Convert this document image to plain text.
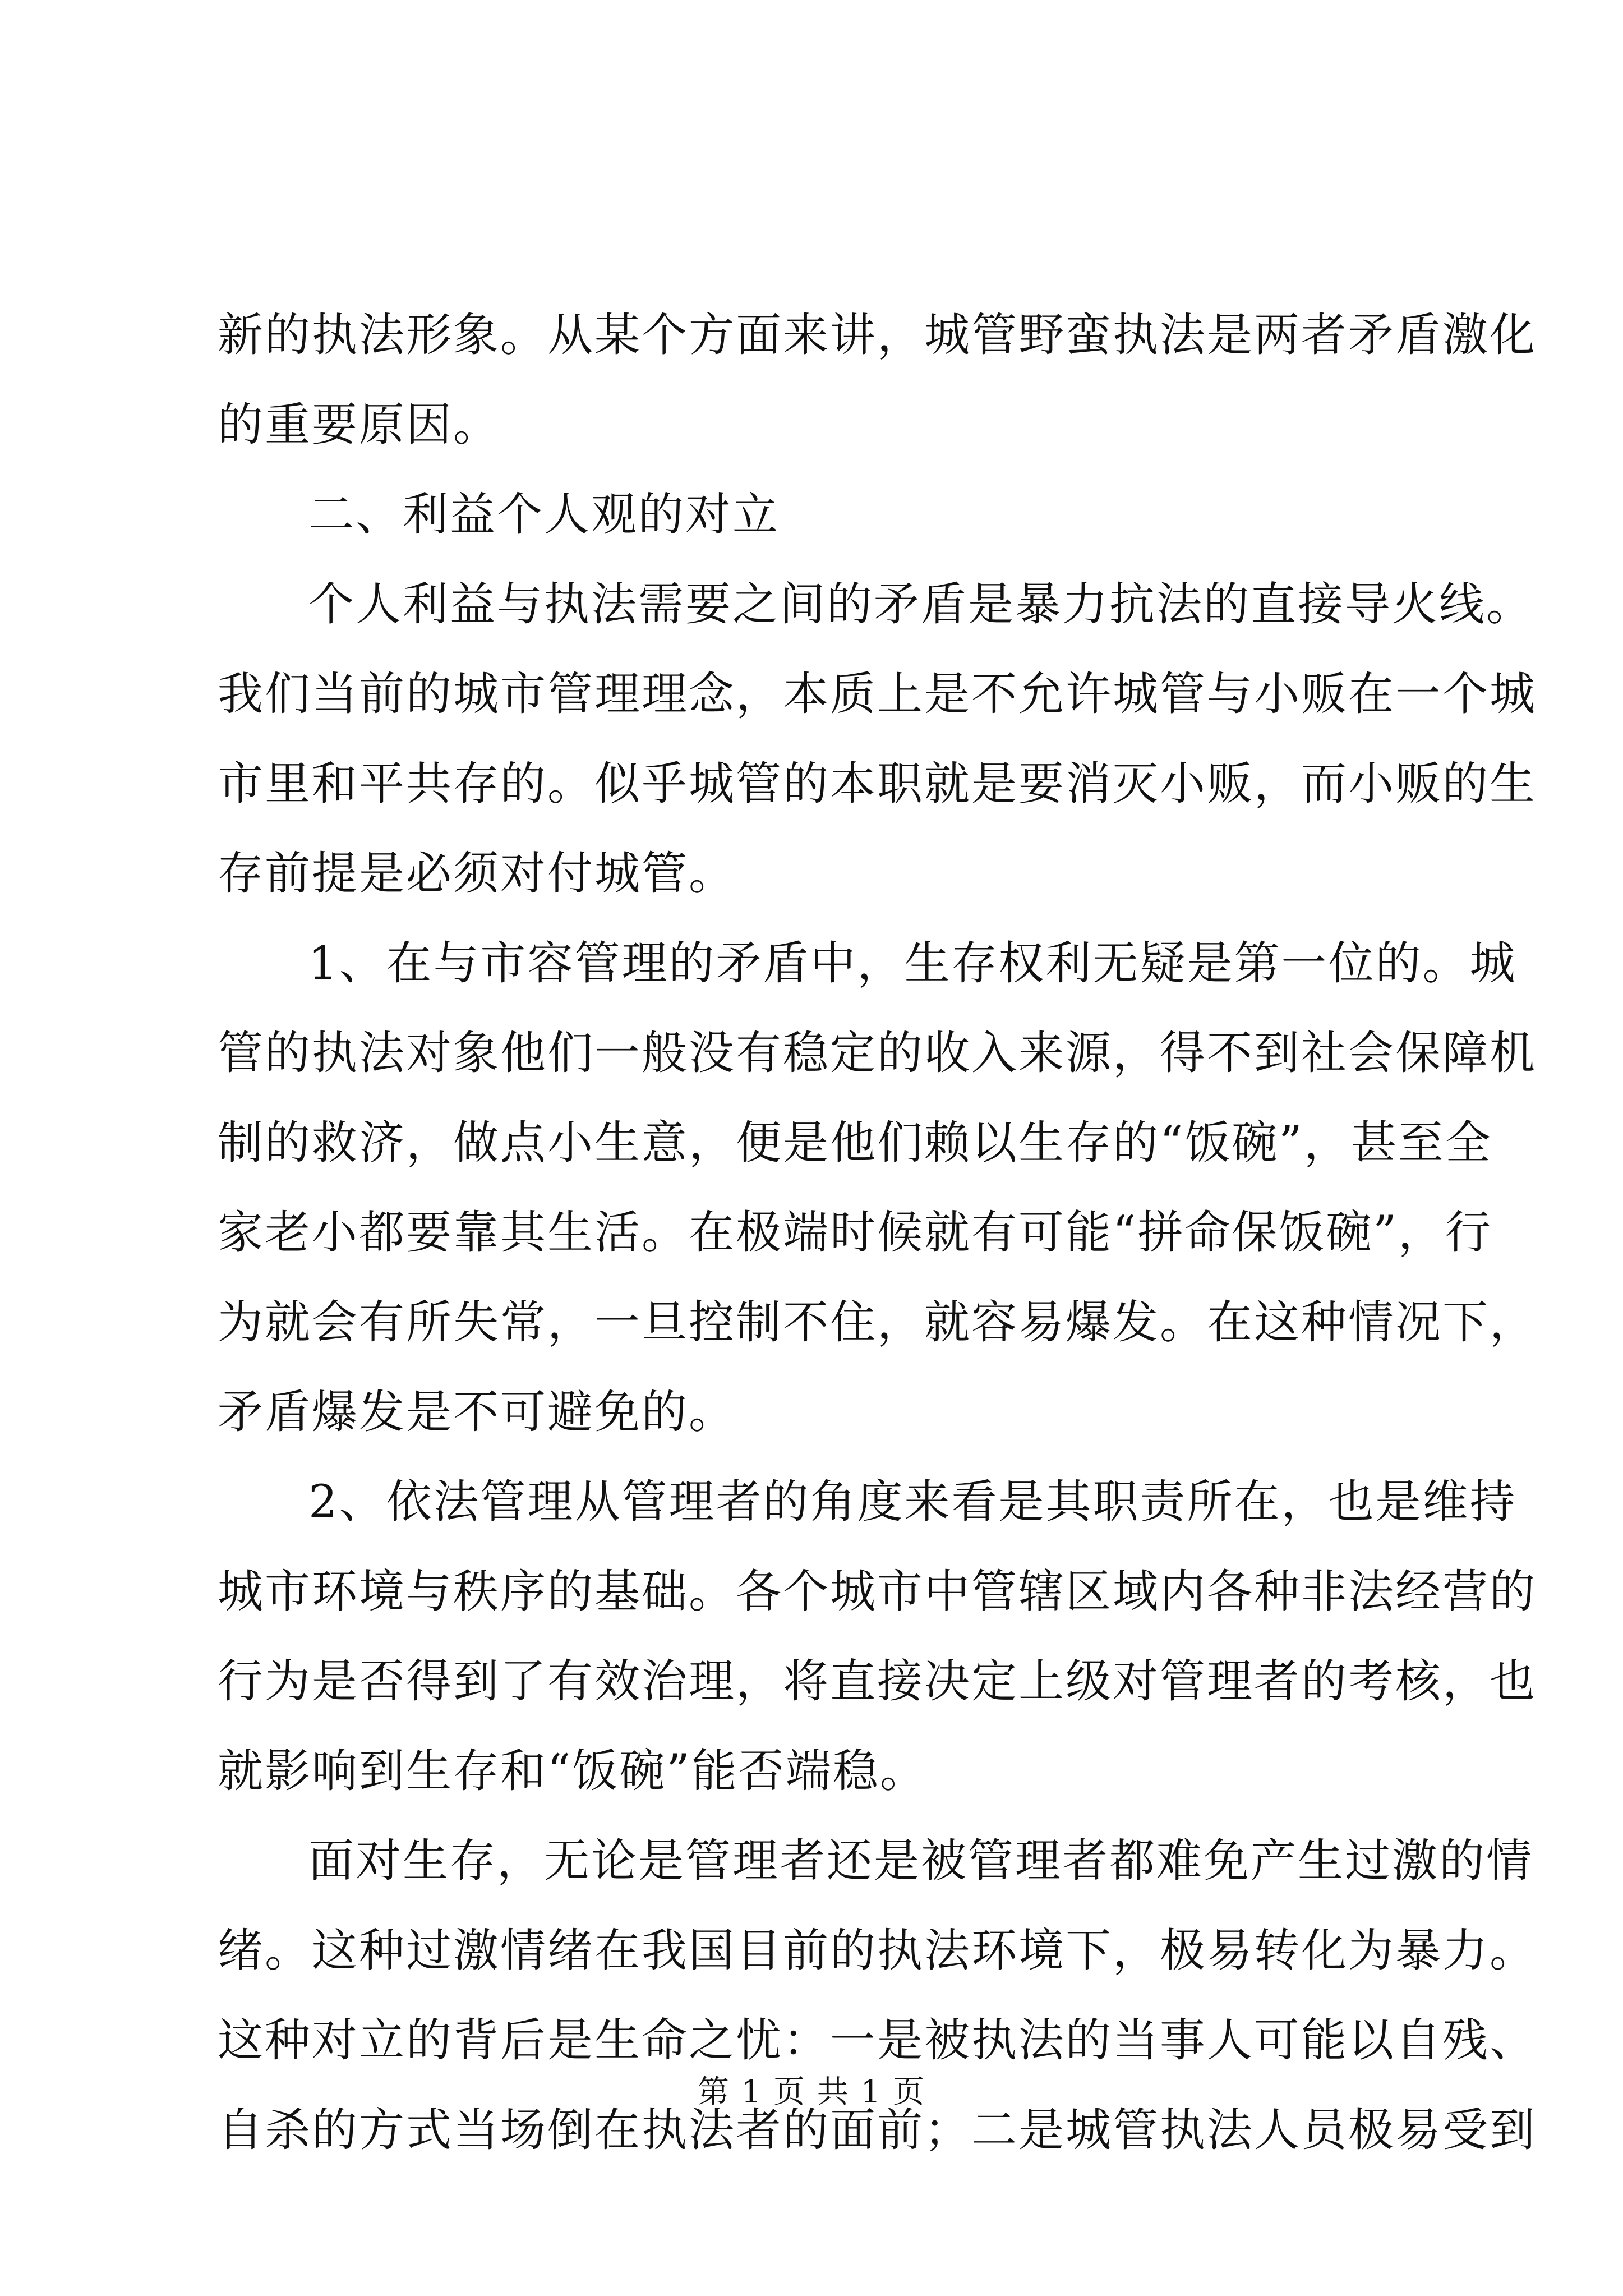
新的执法形象。从某个方面来讲，城管野蛮执法是两者矛盾激化
的重要原因。
二、利益个人观的对立
个人利益与执法需要之间的矛盾是暴力抗法的直接导火线。
我们当前的城市管理理念，本质上是不允许城管与小贩在一个城
市里和平共存的。似乎城管的本职就是要消灭小贩，而小贩的生
存前提是必须对付城管。
1、在与市容管理的矛盾中，生存权利无疑是第一位的。城
管的执法对象他们一般没有稳定的收入来源，得不到社会保障机
制的救济，做点小生意，便是他们赖以生存的“饭碗”，甚至全
家老小都要靠其生活。在极端时候就有可能“拼命保饭碗”，行
为就会有所失常，一旦控制不住，就容易爆发。在这种情况下，
矛盾爆发是不可避免的。
2、依法管理从管理者的角度来看是其职责所在，也是维持
城市环境与秩序的基础。各个城市中管辖区域内各种非法经营的
行为是否得到了有效治理，将直接决定上级对管理者的考核，也
就影响到生存和“饭碗”能否端稳。
面对生存，无论是管理者还是被管理者都难免产生过激的情
绪。这种过激情绪在我国目前的执法环境下，极易转化为暴力。
这种对立的背后是生命之忧：一是被执法的当事人可能以自残、
自杀的方式当场倒在执法者的面前；二是城管执法人员极易受到
第 1 页 共 1 页
